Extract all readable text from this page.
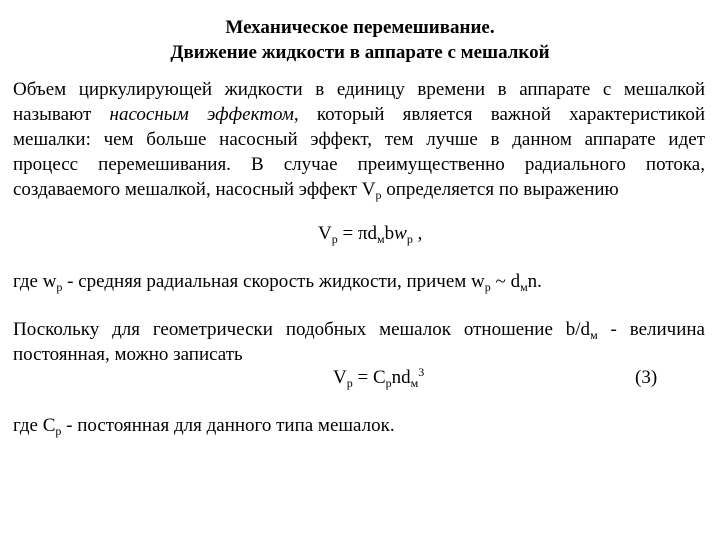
Механическое перемешивание.
Движение жидкости в аппарате с мешалкой
Объем циркулирующей жидкости в единицу времени в аппарате с мешалкой
называют насосным эффектом, который является важной характеристикой
мешалки: чем больше насосный эффект, тем лучше в данном аппарате идет
процесс перемешивания. В случае преимущественно радиального потока,
создаваемого мешалкой, насосный эффект $V_р$ определяется по выражению
$V_р = \pi d_мbw_р$ ,
где $w_р$ - средняя радиальная скорость жидкости, причем $w_р$ ~ $d_мn$.
Поскольку для геометрически подобных мешалок отношение $b/d_м$ - величина
постоянная, можно записать
$V_р = C_рnd_м^3$	(3)
где $C_р$ - постоянная для данного типа мешалок.
